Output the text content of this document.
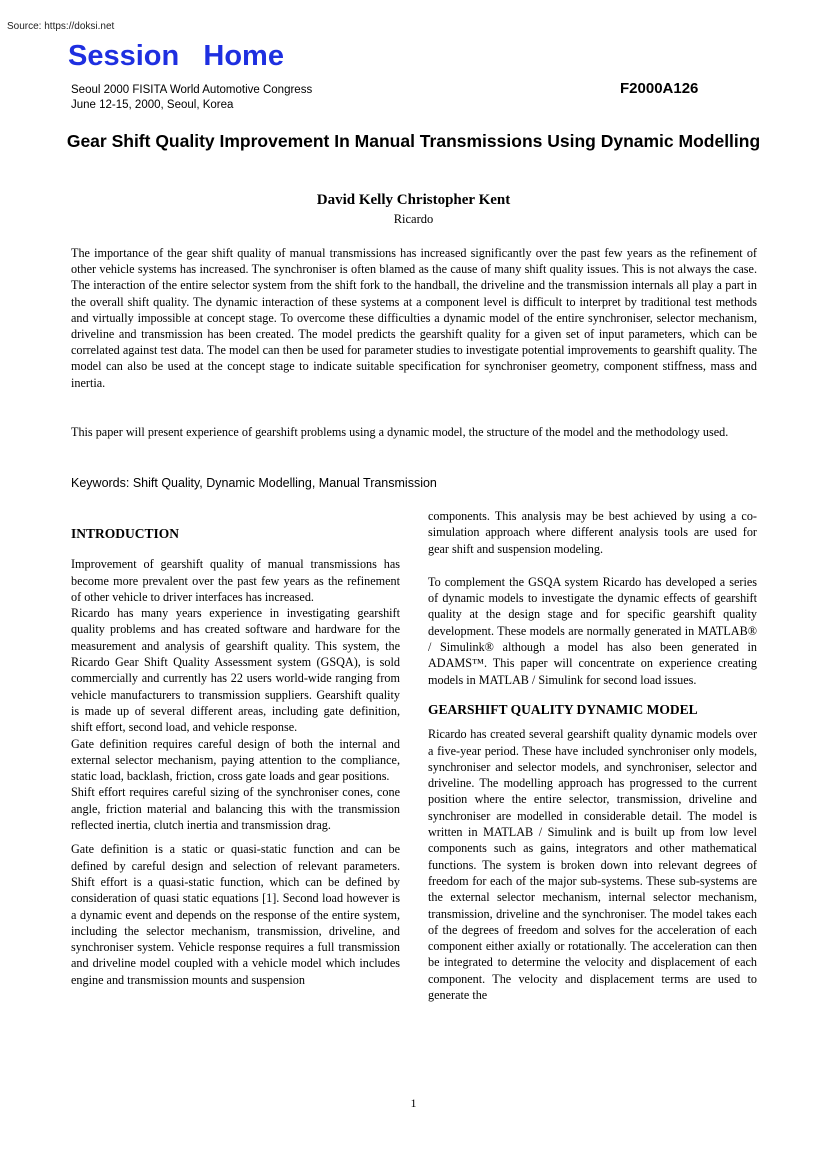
Source: https://doksi.net
Session Home
Seoul 2000 FISITA World Automotive Congress
June 12-15, 2000, Seoul, Korea
F2000A126
Gear Shift Quality Improvement In Manual Transmissions Using Dynamic Modelling
David Kelly Christopher Kent
Ricardo

The importance of the gear shift quality of manual transmissions has increased significantly over the past few years as the refinement of other vehicle systems has increased. The synchroniser is often blamed as the cause of many shift quality issues. This is not always the case. The interaction of the entire selector system from the shift fork to the handball, the driveline and the transmission internals all play a part in the overall shift quality. The dynamic interaction of these systems at a component level is difficult to interpret by traditional test methods and virtually impossible at concept stage. To overcome these difficulties a dynamic model of the entire synchroniser, selector mechanism, driveline and transmission has been created. The model predicts the gearshift quality for a given set of input parameters, which can be correlated against test data. The model can then be used for parameter studies to investigate potential improvements to gearshift quality. The model can also be used at the concept stage to indicate suitable specification for synchroniser geometry, component stiffness, mass and inertia.

This paper will present experience of gearshift problems using a dynamic model, the structure of the model and the methodology used.

Keywords: Shift Quality, Dynamic Modelling, Manual Transmission
INTRODUCTION

Improvement of gearshift quality of manual transmissions has become more prevalent over the past few years as the refinement of other vehicle to driver interfaces has increased.

Ricardo has many years experience in investigating gearshift quality problems and has created software and hardware for the measurement and analysis of gearshift quality. This system, the Ricardo Gear Shift Quality Assessment system (GSQA), is sold commercially and currently has 22 users world-wide ranging from vehicle manufacturers to transmission suppliers. Gearshift quality is made up of several different areas, including gate definition, shift effort, second load, and vehicle response.

Gate definition requires careful design of both the internal and external selector mechanism, paying attention to the compliance, static load, backlash, friction, cross gate loads and gear positions.

Shift effort requires careful sizing of the synchroniser cones, cone angle, friction material and balancing this with the transmission reflected inertia, clutch inertia and transmission drag.

Gate definition is a static or quasi-static function and can be defined by careful design and selection of relevant parameters. Shift effort is a quasi-static function, which can be defined by consideration of quasi static equations [1]. Second load however is a dynamic event and depends on the response of the entire system, including the selector mechanism, transmission, driveline, and synchroniser system. Vehicle response requires a full transmission and driveline model coupled with a vehicle model which includes engine and transmission mounts and suspension

components. This analysis may be best achieved by using a co-simulation approach where different analysis tools are used for gear shift and suspension modeling.

To complement the GSQA system Ricardo has developed a series of dynamic models to investigate the dynamic effects of gearshift quality at the design stage and for specific gearshift quality development. These models are normally generated in MATLAB® / Simulink® although a model has also been generated in ADAMS™. This paper will concentrate on experience creating models in MATLAB / Simulink for second load issues.

GEARSHIFT QUALITY DYNAMIC MODEL

Ricardo has created several gearshift quality dynamic models over a five-year period. These have included synchroniser only models, synchroniser and selector models, and synchroniser, selector and driveline. The modelling approach has progressed to the current position where the entire selector, transmission, driveline and synchroniser are modelled in considerable detail. The model is written in MATLAB / Simulink and is built up from low level components such as gains, integrators and other mathematical functions. The system is broken down into relevant degrees of freedom for each of the major sub-systems. These sub-systems are the external selector mechanism, internal selector mechanism, transmission, driveline and the synchroniser. The model takes each of the degrees of freedom and solves for the acceleration of each component either axially or rotationally. The acceleration can then be integrated to determine the velocity and displacement of each component. The velocity and displacement terms are used to generate the

1
